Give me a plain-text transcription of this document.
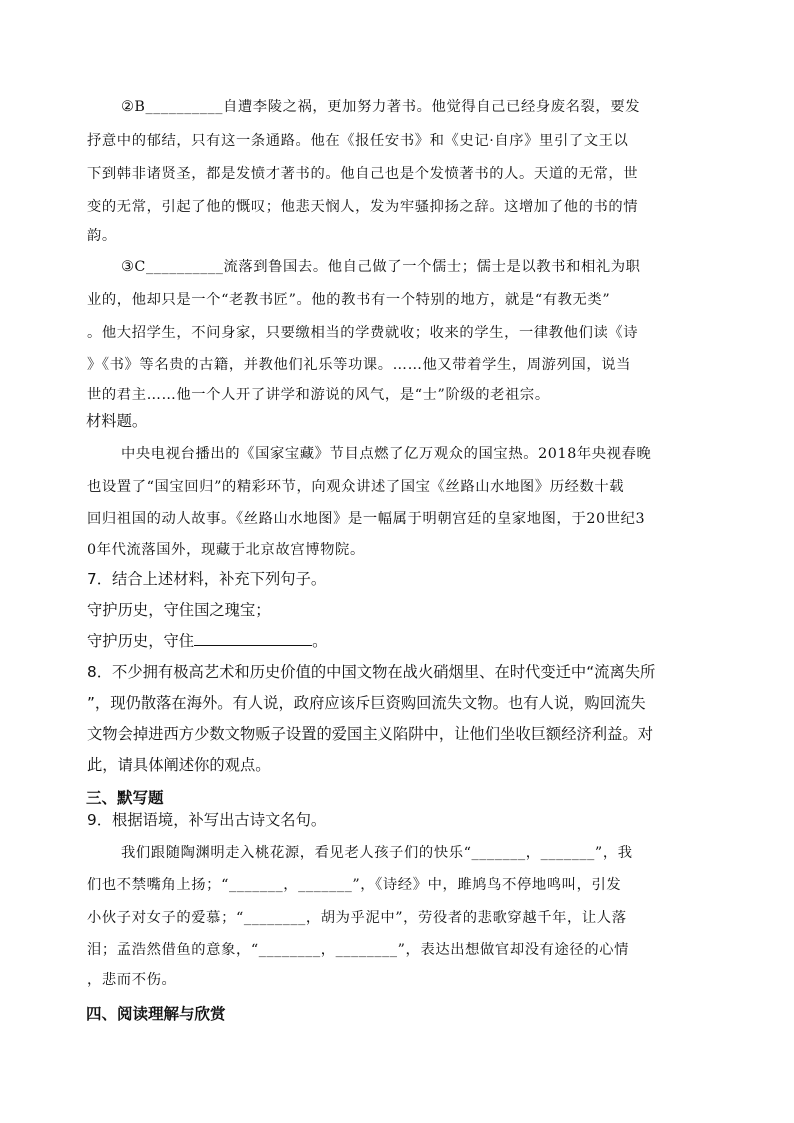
②B__________自遭李陵之祸，更加努力著书。他觉得自己已经身废名裂，要发
抒意中的郁结，只有这一条通路。他在《报任安书》和《史记·自序》里引了文王以
下到韩非诸贤圣，都是发愤才著书的。他自己也是个发愤著书的人。天道的无常，世
变的无常，引起了他的慨叹；他悲天悯人，发为牢骚抑扬之辞。这增加了他的书的情
韵。
③C__________流落到鲁国去。他自己做了一个儒士；儒士是以教书和相礼为职
业的，他却只是一个“老教书匠”。他的教书有一个特别的地方，就是“有教无类”
。他大招学生，不问身家，只要缴相当的学费就收；收来的学生，一律教他们读《诗
》《书》等名贵的古籍，并教他们礼乐等功课。……他又带着学生，周游列国，说当
世的君主……他一个人开了讲学和游说的风气，是“士”阶级的老祖宗。
材料题。
中央电视台播出的《国家宝藏》节目点燃了亿万观众的国宝热。2018年央视春晚
也设置了“国宝回归”的精彩环节，向观众讲述了国宝《丝路山水地图》历经数十载
回归祖国的动人故事。《丝路山水地图》是一幅属于明朝宫廷的皇家地图，于20世纪3
0年代流落国外，现藏于北京故宫博物院。
7．结合上述材料，补充下列句子。
守护历史，守住国之瑰宝；
守护历史，守住	。
8．不少拥有极高艺术和历史价值的中国文物在战火硝烟里、在时代变迁中“流离失所
”，现仍散落在海外。有人说，政府应该斥巨资购回流失文物。也有人说，购回流失
文物会掉进西方少数文物贩子设置的爱国主义陷阱中，让他们坐收巨额经济利益。对
此，请具体阐述你的观点。
三、默写题
9．根据语境，补写出古诗文名句。
我们跟随陶渊明走入桃花源，看见老人孩子们的快乐“_______，_______”，我
们也不禁嘴角上扬；“_______，_______”，《诗经》中，雎鸠鸟不停地鸣叫，引发
小伙子对女子的爱慕；“________，胡为乎泥中”，劳役者的悲歌穿越千年，让人落
泪；孟浩然借鱼的意象，“________，________”，表达出想做官却没有途径的心情
，悲而不伤。
四、阅读理解与欣赏
